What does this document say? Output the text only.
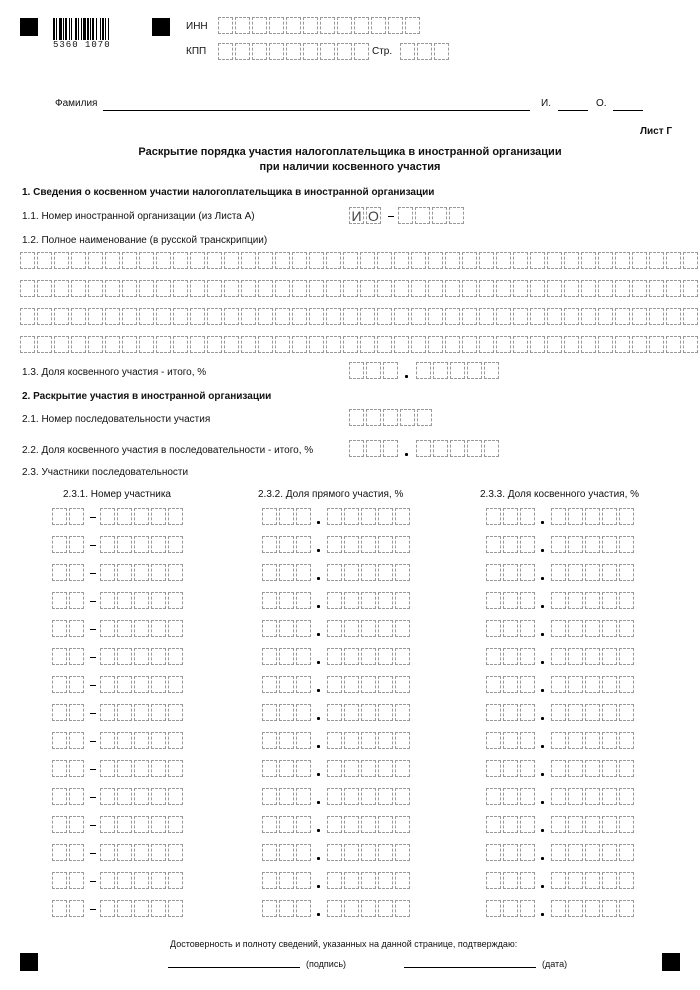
5360 1070
ИНН
КПП	Стр.
Фамилия	И.	О.
Лист Г
Раскрытие порядка участия налогоплательщика в иностранной организации
при наличии косвенного участия
1. Сведения о косвенном участии налогоплательщика в иностранной организации
1.1. Номер иностранной организации (из Листа А)	И О
1.2. Полное наименование (в русской транскрипции)
1.3. Доля косвенного участия - итого, %
2. Раскрытие участия в иностранной организации
2.1. Номер последовательности участия
2.2. Доля косвенного участия в последовательности - итого, %
2.3. Участники последовательности
2.3.1. Номер участника	2.3.2. Доля прямого участия, %	2.3.3. Доля косвенного участия, %
Достоверность и полноту сведений, указанных на данной странице, подтверждаю:
(подпись)	(дата)
